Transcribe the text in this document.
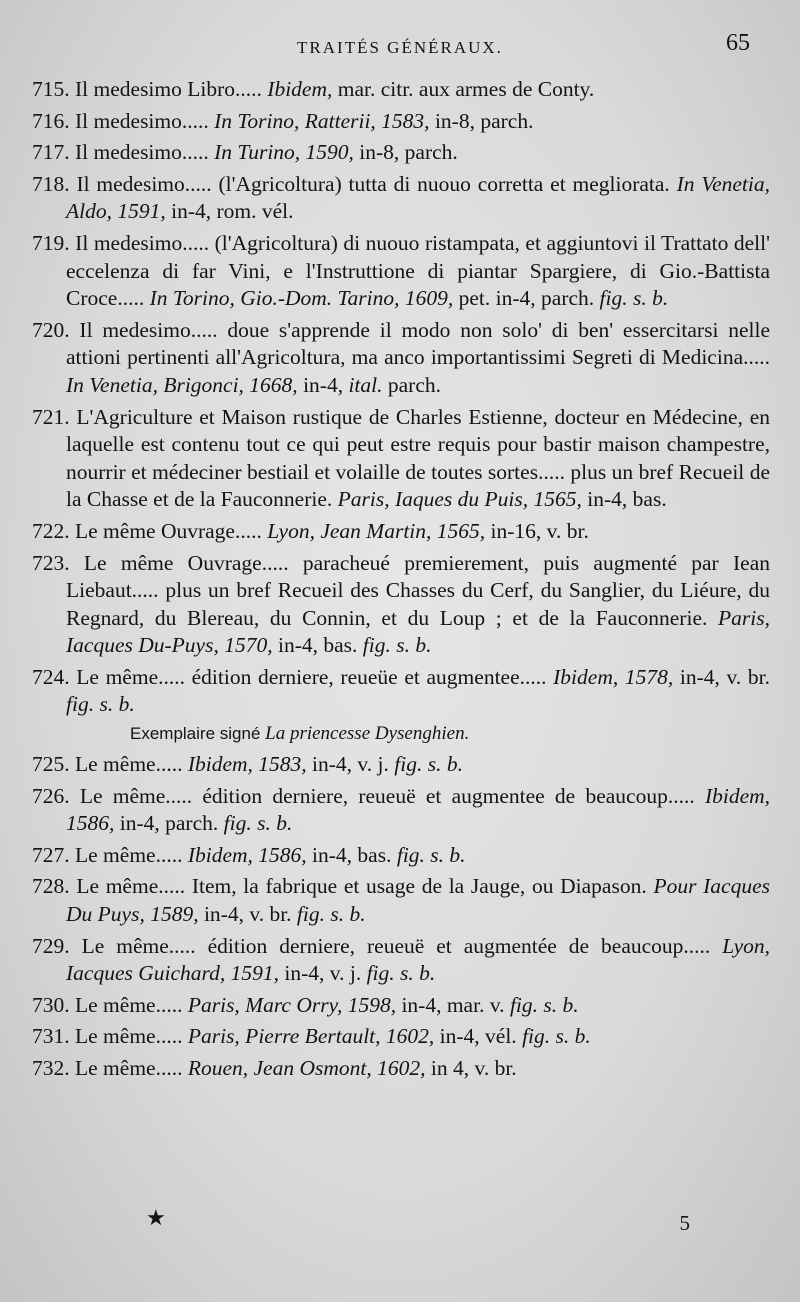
TRAITÉS GÉNÉRAUX.	65

715. Il medesimo Libro..... Ibidem, mar. citr. aux armes de Conty.

716. Il medesimo..... In Torino, Ratterii, 1583, in-8, parch.

717. Il medesimo..... In Turino, 1590, in-8, parch.

718. Il medesimo..... (l'Agricoltura) tutta di nuouo corretta et megliorata. In Venetia, Aldo, 1591, in-4, rom. vél.

719. Il medesimo..... (l'Agricoltura) di nuouo ristampata, et aggiuntovi il Trattato dell' eccelenza di far Vini, e l'Instruttione di piantar Spargiere, di Gio.-Battista Croce..... In Torino, Gio.-Dom. Tarino, 1609, pet. in-4, parch. fig. s. b.

720. Il medesimo..... doue s'apprende il modo non solo' di ben' essercitarsi nelle attioni pertinenti all'Agricoltura, ma anco importantissimi Segreti di Medicina..... In Venetia, Brigonci, 1668, in-4, ital. parch.

721. L'Agriculture et Maison rustique de Charles Estienne, docteur en Médecine, en laquelle est contenu tout ce qui peut estre requis pour bastir maison champestre, nourrir et médeciner bestiail et volaille de toutes sortes..... plus un bref Recueil de la Chasse et de la Fauconnerie. Paris, Iaques du Puis, 1565, in-4, bas.

722. Le même Ouvrage..... Lyon, Jean Martin, 1565, in-16, v. br.

723. Le même Ouvrage..... paracheué premierement, puis augmenté par Iean Liebaut..... plus un bref Recueil des Chasses du Cerf, du Sanglier, du Liéure, du Regnard, du Blereau, du Connin, et du Loup ; et de la Fauconnerie. Paris, Iacques Du-Puys, 1570, in-4, bas. fig. s. b.

724. Le même..... édition derniere, reueüe et augmentee..... Ibidem, 1578, in-4, v. br. fig. s. b.

Exemplaire signé La priencesse Dysenghien.

725. Le même..... Ibidem, 1583, in-4, v. j. fig. s. b.

726. Le même..... édition derniere, reueuë et augmentee de beaucoup..... Ibidem, 1586, in-4, parch. fig. s. b.

727. Le même..... Ibidem, 1586, in-4, bas. fig. s. b.

728. Le même..... Item, la fabrique et usage de la Jauge, ou Diapason. Pour Iacques Du Puys, 1589, in-4, v. br. fig. s. b.

729. Le même..... édition derniere, reueuë et augmentée de beaucoup..... Lyon, Iacques Guichard, 1591, in-4, v. j. fig. s. b.

730. Le même..... Paris, Marc Orry, 1598, in-4, mar. v. fig. s. b.

731. Le même..... Paris, Pierre Bertault, 1602, in-4, vél. fig. s. b.

732. Le même..... Rouen, Jean Osmont, 1602, in 4, v. br.

★	5
